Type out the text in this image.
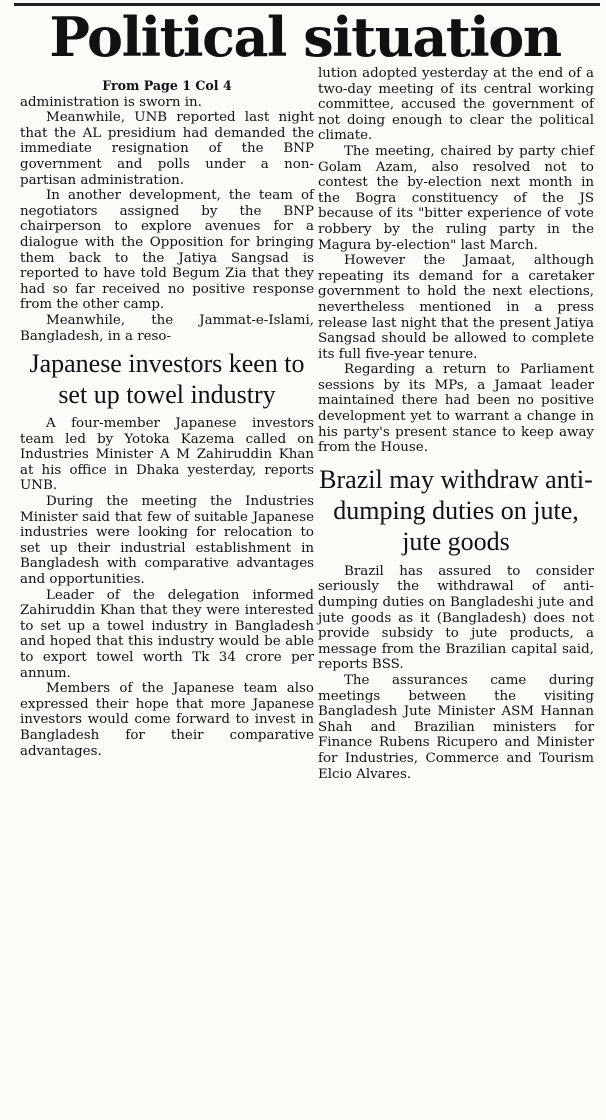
Political situation
From Page 1 Col 4

administration is sworn in.

Meanwhile, UNB reported last night that the AL presidium had demanded the immediate resignation of the BNP government and polls under a non-partisan administration.

In another development, the team of negotiators assigned by the BNP chairperson to explore avenues for a dialogue with the Opposition for bringing them back to the Jatiya Sangsad is reported to have told Begum Zia that they had so far received no positive response from the other camp.

Meanwhile, the Jammat-e-Islami, Bangladesh, in a reso-

Japanese investors keen to set up towel industry

A four-member Japanese investors team led by Yotoka Kazema called on Industries Minister A M Zahiruddin Khan at his office in Dhaka yesterday, reports UNB.

During the meeting the Industries Minister said that few of suitable Japanese industries were looking for relocation to set up their industrial establishment in Bangladesh with comparative advantages and opportunities.

Leader of the delegation informed Zahiruddin Khan that they were interested to set up a towel industry in Bangladesh and hoped that this industry would be able to export towel worth Tk 34 crore per annum.

Members of the Japanese team also expressed their hope that more Japanese investors would come forward to invest in Bangladesh for their comparative advantages.

lution adopted yesterday at the end of a two-day meeting of its central working committee, accused the government of not doing enough to clear the political climate.

The meeting, chaired by party chief Golam Azam, also resolved not to contest the by-election next month in the Bogra constituency of the JS because of its "bitter experience of vote robbery by the ruling party in the Magura by-election" last March.

However the Jamaat, although repeating its demand for a caretaker government to hold the next elections, nevertheless mentioned in a press release last night that the present Jatiya Sangsad should be allowed to complete its full five-year tenure.

Regarding a return to Parliament sessions by its MPs, a Jamaat leader maintained there had been no positive development yet to warrant a change in his party's present stance to keep away from the House.

Brazil may withdraw anti-dumping duties on jute, jute goods

Brazil has assured to consider seriously the withdrawal of anti-dumping duties on Bangladeshi jute and jute goods as it (Bangladesh) does not provide subsidy to jute products, a message from the Brazilian capital said, reports BSS.

The assurances came during meetings between the visiting Bangladesh Jute Minister ASM Hannan Shah and Brazilian ministers for Finance Rubens Ricupero and Minister for Industries, Commerce and Tourism Elcio Alvares.
